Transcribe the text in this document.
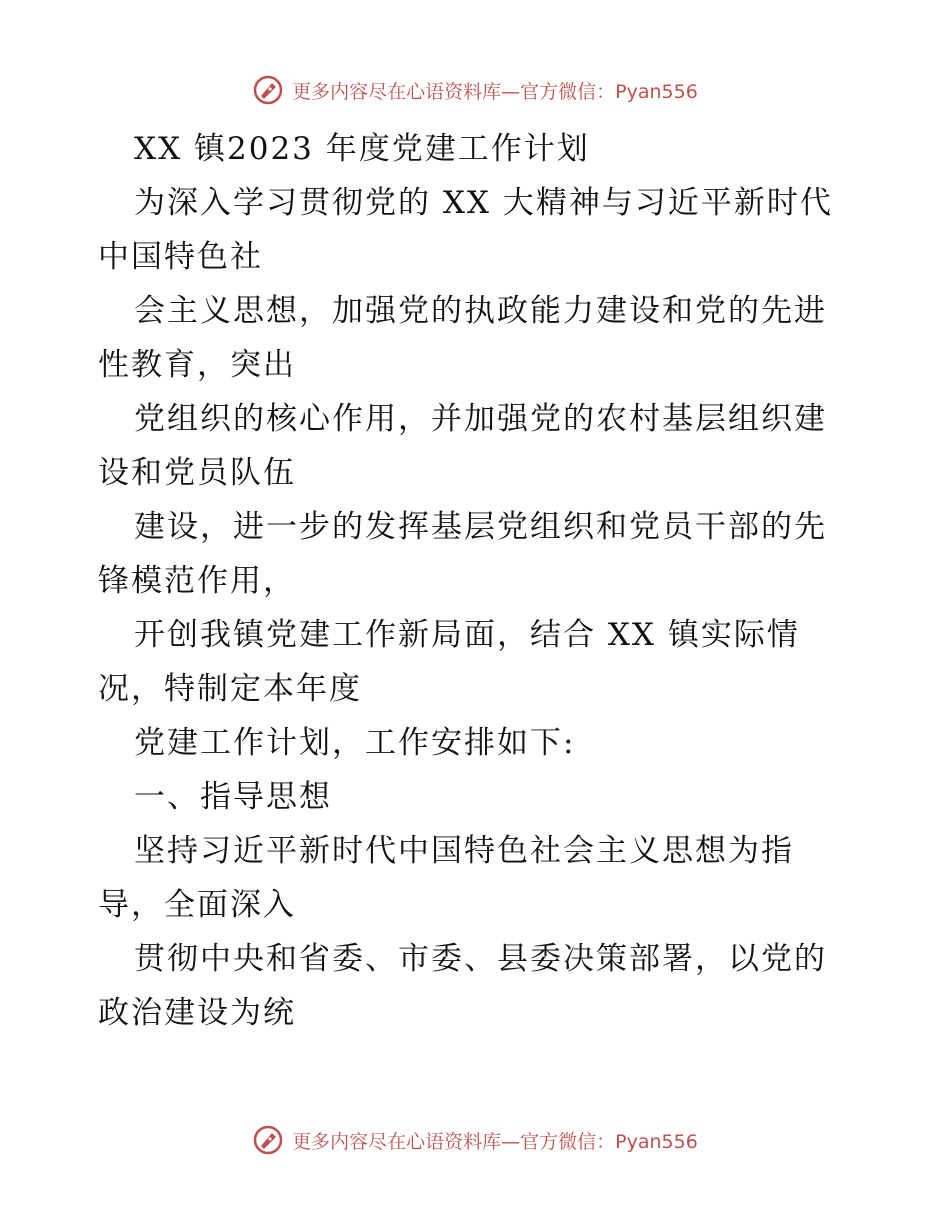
更多内容尽在心语资料库—官方微信：Pyan556
XX 镇2023 年度党建工作计划
为深入学习贯彻党的 XX 大精神与习近平新时代
中国特色社
会主义思想，加强党的执政能力建设和党的先进
性教育，突出
党组织的核心作用，并加强党的农村基层组织建
设和党员队伍
建设，进一步的发挥基层党组织和党员干部的先
锋模范作用，
开创我镇党建工作新局面，结合 XX 镇实际情
况，特制定本年度
党建工作计划，工作安排如下:
一、指导思想
坚持习近平新时代中国特色社会主义思想为指
导，全面深入
贯彻中央和省委、市委、县委决策部署，以党的
政治建设为统
更多内容尽在心语资料库—官方微信：Pyan556
